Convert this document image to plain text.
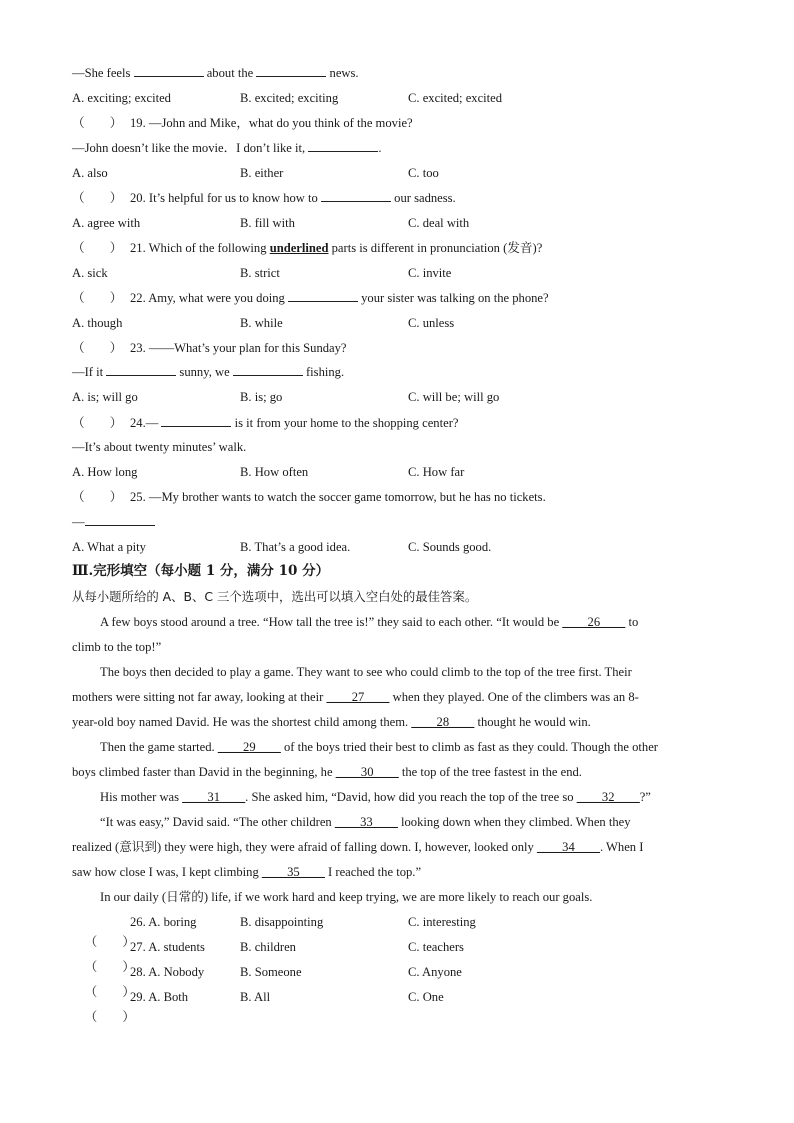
—She feels	about the	news.

A. exciting; excited

	B. excited; exciting

	C. excited; excited

（        ） 19. —John and Mike，what do you think of the movie?
—John doesn’t like the movie．I don’t like it,	.

A. also

	B. either

	C. too

（        ） 20. It’s helpful for us to know how to	our sadness.

A. agree with

	B. fill with

	C. deal with

（        ） 21. Which of the following underlined parts is different in pronunciation (发音)?

A. sick

	B. strict

	C. invite

（        ） 22. Amy, what were you doing	your sister was talking on the phone?

A. though

	B. while

	C. unless

（        ） 23. ——What’s your plan for this Sunday?
—If it	sunny, we	fishing.

A. is; will go

	B. is; go

	C. will be; will go

（        ） 24.—	is it from your home to the shopping center?
—It’s about twenty minutes’ walk.

A. How long

	B. How often

	C. How far

（        ） 25. —My brother wants to watch the soccer game tomorrow, but he has no tickets.
—

A. What a pity

	B. That’s a good idea.

	C. Sounds good.

Ⅲ.完形填空（每小题 1 分，满分 10 分）
从每小题所给的 A、B、C 三个选项中，选出可以填入空白处的最佳答案。
A few boys stood around a tree. “How tall the tree is!” they said to each other. “It would be ____26____ to
climb to the top!”
The boys then decided to play a game. They want to see who could climb to the top of the tree first. Their
mothers were sitting not far away, looking at their ____27____ when they played. One of the climbers was an 8-
year-old boy named David. He was the shortest child among them. ____28____ thought he would win.
Then the game started. ____29____ of the boys tried their best to climb as fast as they could. Though the other
boys climbed faster than David in the beginning, he ____30____ the top of the tree fastest in the end.
His mother was ____31____. She asked him, “David, how did you reach the top of the tree so ____32____?”
“It was easy,” David said. “The other children ____33____ looking down when they climbed. When they
realized (意识到) they were high, they were afraid of falling down. I, however, looked only ____34____. When I
saw how close I was, I kept climbing ____35____ I reached the top.”
In our daily (日常的) life, if we work hard and keep trying, we are more likely to reach our goals.

（        ）

26. A. boring

	B. disappointing

	C. interesting

（        ）

27. A. students

	B. children

	C. teachers

（        ）

28. A. Nobody

	B. Someone

	C. Anyone

（        ）

29. A. Both

	B. All

	C. One
